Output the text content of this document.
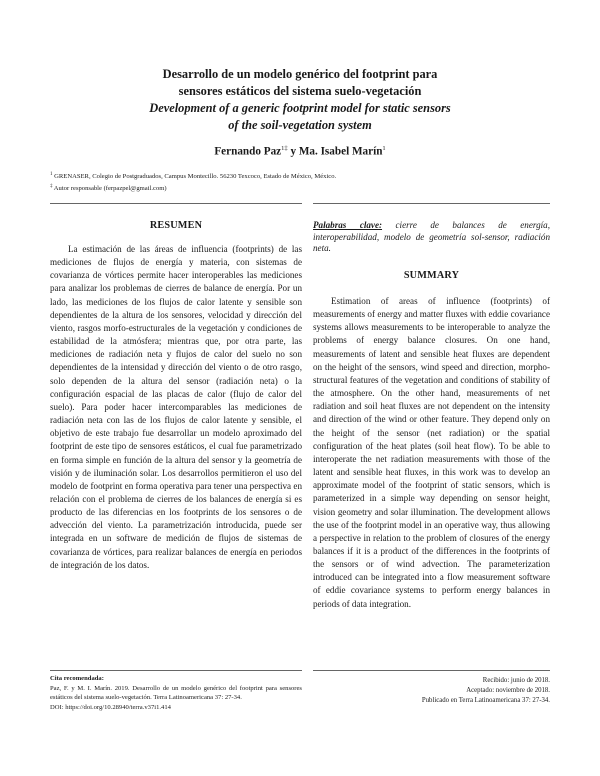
Desarrollo de un modelo genérico del footprint para
sensores estáticos del sistema suelo-vegetación
Development of a generic footprint model for static sensors
of the soil-vegetation system
Fernando Paz$^{1\ddagger}$ y Ma. Isabel Marín$^1$
$^1$ GRENASER, Colegio de Postgraduados, Campus Montecillo. 56230 Texcoco, Estado de México, México.
‡ Autor responsable (ferpazpel@gmail.com)
RESUMEN

La estimación de las áreas de influencia (footprints) de las mediciones de flujos de energía y materia, con sistemas de covarianza de vórtices permite hacer interoperables las mediciones para analizar los problemas de cierres de balance de energía. Por un lado, las mediciones de los flujos de calor latente y sensible son dependientes de la altura de los sensores, velocidad y dirección del viento, rasgos morfo-estructurales de la vegetación y condiciones de estabilidad de la atmósfera; mientras que, por otra parte, las mediciones de radiación neta y flujos de calor del suelo no son dependientes de la intensidad y dirección del viento o de otro rasgo, solo dependen de la altura del sensor (radiación neta) o la configuración espacial de las placas de calor (flujo de calor del suelo). Para poder hacer intercomparables las mediciones de radiación neta con las de los flujos de calor latente y sensible, el objetivo de este trabajo fue desarrollar un modelo aproximado del footprint de este tipo de sensores estáticos, el cual fue parametrizado en forma simple en función de la altura del sensor y la geometría de visión y de iluminación solar. Los desarrollos permitieron el uso del modelo de footprint en forma operativa para tener una perspectiva en relación con el problema de cierres de los balances de energía si es producto de las diferencias en los footprints de los sensores o de advección del viento. La parametrización introducida, puede ser integrada en un software de medición de flujos de sistemas de covarianza de vórtices, para realizar balances de energía en periodos de integración de los datos.

Palabras clave: cierre de balances de energía, interoperabilidad, modelo de geometría sol-sensor, radiación neta.
SUMMARY

Estimation of areas of influence (footprints) of measurements of energy and matter fluxes with eddie covariance systems allows measurements to be interoperable to analyze the problems of energy balance closures. On one hand, measurements of latent and sensible heat fluxes are dependent on the height of the sensors, wind speed and direction, morpho-structural features of the vegetation and conditions of stability of the atmosphere. On the other hand, measurements of net radiation and soil heat fluxes are not dependent on the intensity and direction of the wind or other feature. They depend only on the height of the sensor (net radiation) or the spatial configuration of the heat plates (soil heat flow). To be able to interoperate the net radiation measurements with those of the latent and sensible heat fluxes, in this work was to develop an approximate model of the footprint of static sensors, which is parameterized in a simple way depending on sensor height, vision geometry and solar illumination. The development allows the use of the footprint model in an operative way, thus allowing a perspective in relation to the problem of closures of the energy balances if it is a product of the differences in the footprints of the sensors or of wind advection. The parameterization introduced can be integrated into a flow measurement software of eddie covariance systems to perform energy balances in periods of data integration.

Cita recomendada:
Paz, F. y M. I. Marín. 2019. Desarrollo de un modelo genérico del footprint para sensores estáticos del sistema suelo-vegetación. Terra Latinoamericana 37: 27-34.
DOI: https://doi.org/10.28940/terra.v37i1.414
Recibido: junio de 2018.
Aceptado: noviembre de 2018.
Publicado en Terra Latinoamericana 37: 27-34.
